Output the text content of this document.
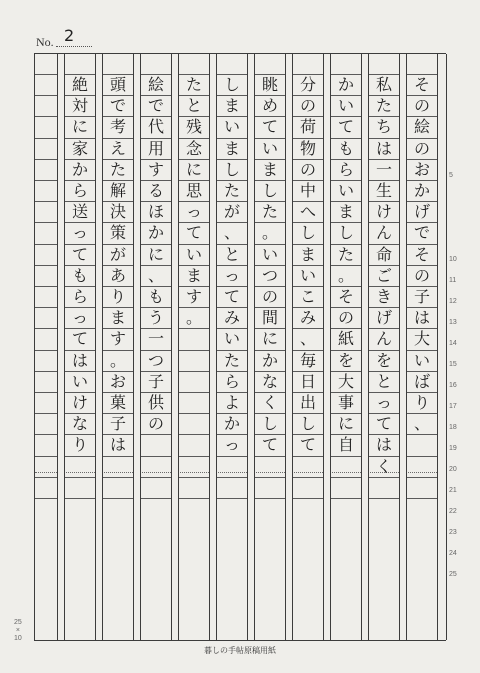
No. 2
そ
の
絵
の
お
か
げ
で
そ
の
子
は
大
い
ば
り
、
私
た
ち
は
一
生
け
ん
命
ご
き
げ
ん
を
と
っ
て
は
く
か
い
て
も
ら
い
ま
し
た
。
そ
の
紙
を
大
事
に
自
分
の
荷
物
の
中
へ
し
ま
い
こ
み
、
毎
日
出
し
て
眺
め
て
い
ま
し
た
。
い
つ
の
間
に
か
な
く
し
て
し
ま
い
ま
し
た
が
、
と
っ
て
み
い
た
ら
よ
か
っ
た
と
残
念
に
思
っ
て
い
ま
す
。
絵
で
代
用
す
る
ほ
か
に
、
も
う
一
つ
子
供
の
頭
で
考
え
た
解
決
策
が
あ
り
ま
す
。
お
菓
子
は
絶
対
に
家
か
ら
送
っ
て
も
ら
っ
て
は
い
け
な
り
5
10
11
12
13
14
15
16
17
18
19
20
21
22
23
24
25
25
×
10
暮しの手帖原稿用紙
